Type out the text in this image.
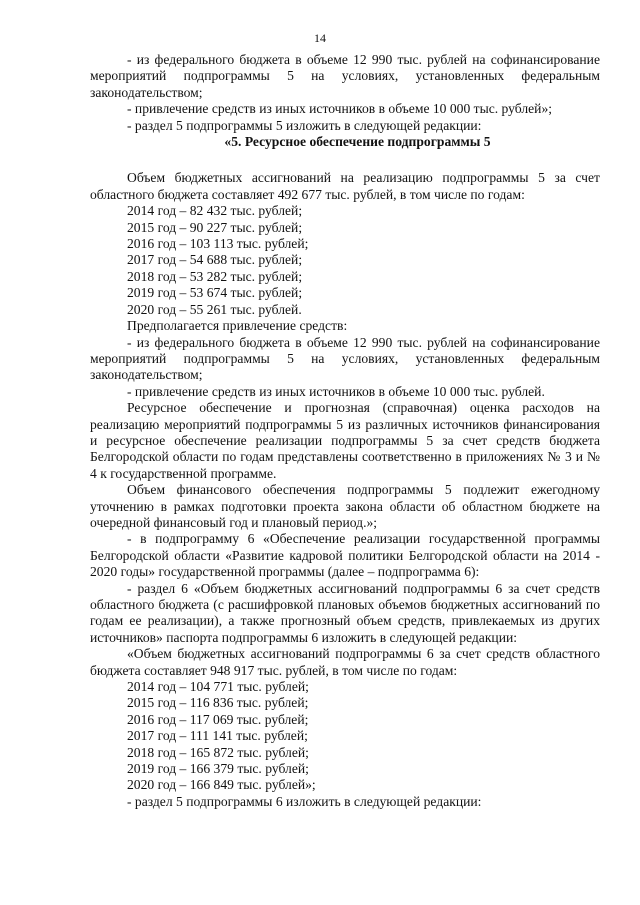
14

- из федерального бюджета в объеме 12 990 тыс. рублей на софинансирование мероприятий подпрограммы 5 на условиях, установленных федеральным законодательством;

- привлечение средств из иных источников в объеме 10 000 тыс. рублей»;

- раздел 5 подпрограммы 5 изложить в следующей редакции:

«5. Ресурсное обеспечение подпрограммы 5

Объем бюджетных ассигнований на реализацию подпрограммы 5 за счет областного бюджета составляет 492 677 тыс. рублей, в том числе по годам:

2014 год – 82 432 тыс. рублей;

2015 год – 90 227 тыс. рублей;

2016 год – 103 113 тыс. рублей;

2017 год – 54 688 тыс. рублей;

2018 год – 53 282 тыс. рублей;

2019 год – 53 674 тыс. рублей;

2020 год – 55 261 тыс. рублей.

Предполагается привлечение средств:

- из федерального бюджета в объеме 12 990 тыс. рублей на софинансирование мероприятий подпрограммы 5 на условиях, установленных федеральным законодательством;

- привлечение средств из иных источников в объеме 10 000 тыс. рублей.

Ресурсное обеспечение и прогнозная (справочная) оценка расходов на реализацию мероприятий подпрограммы 5 из различных источников финансирования и ресурсное обеспечение реализации подпрограммы 5 за счет средств бюджета Белгородской области по годам представлены соответственно в приложениях № 3 и № 4 к государственной программе.

Объем финансового обеспечения подпрограммы 5 подлежит ежегодному уточнению в рамках подготовки проекта закона области об областном бюджете на очередной финансовый год и плановый период.»;

- в подпрограмму 6 «Обеспечение реализации государственной программы Белгородской области «Развитие кадровой политики Белгородской области на 2014 - 2020 годы» государственной программы (далее – подпрограмма 6):

- раздел 6 «Объем бюджетных ассигнований подпрограммы 6 за счет средств областного бюджета (с расшифровкой плановых объемов бюджетных ассигнований по годам ее реализации), а также прогнозный объем средств, привлекаемых из других источников» паспорта подпрограммы 6 изложить в следующей редакции:

«Объем бюджетных ассигнований подпрограммы 6 за счет средств областного бюджета составляет 948 917 тыс. рублей, в том числе по годам:

2014 год – 104 771 тыс. рублей;

2015 год – 116 836 тыс. рублей;

2016 год – 117 069 тыс. рублей;

2017 год – 111 141 тыс. рублей;

2018 год – 165 872 тыс. рублей;

2019 год – 166 379 тыс. рублей;

2020 год – 166 849 тыс. рублей»;

- раздел 5 подпрограммы 6 изложить в следующей редакции:
